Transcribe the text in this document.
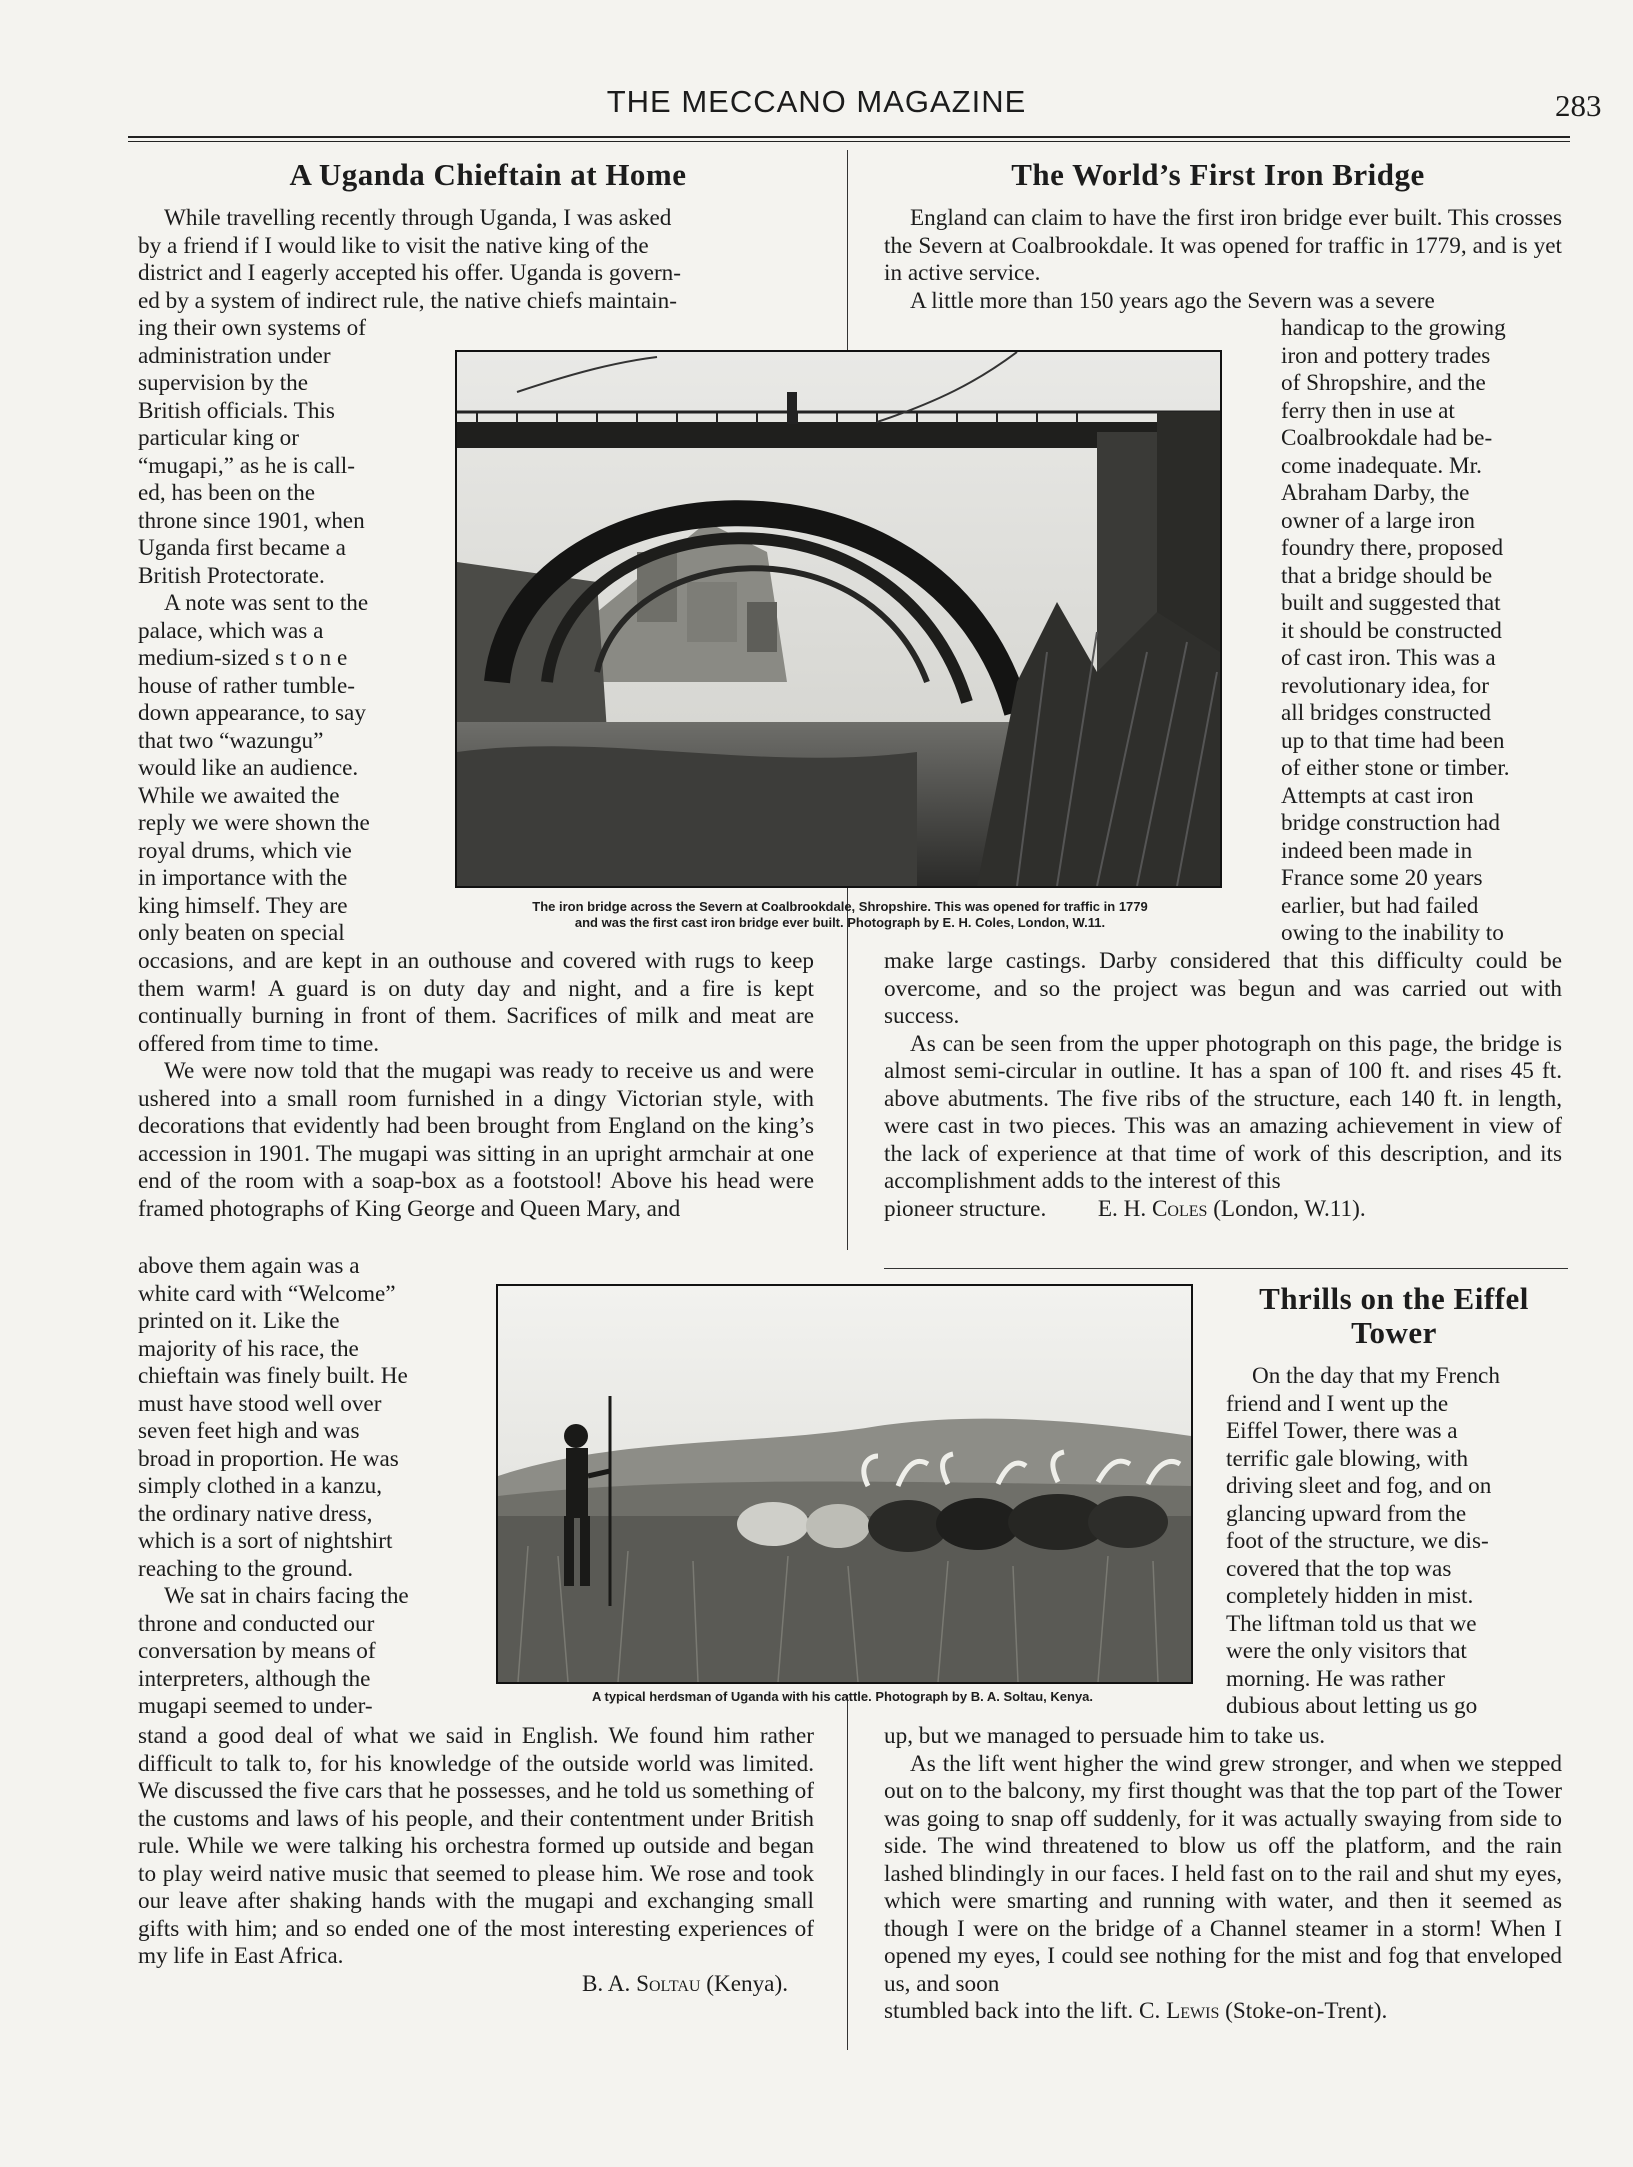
THE MECCANO MAGAZINE	283
A Uganda Chieftain at Home

While travelling recently through Uganda, I was asked

by a friend if I would like to visit the native king of the

district and I eagerly accepted his offer. Uganda is govern-

ed by a system of indirect rule, the native chiefs maintain-

ing their own systems of

administration under

supervision by the

British officials. This

particular king or

“mugapi,” as he is call-

ed, has been on the

throne since 1901, when

Uganda first became a

British Protectorate.

A note was sent to the

palace, which was a

medium-sized s t o n e

house of rather tumble-

down appearance, to say

that two “wazungu”

would like an audience.

While we awaited the

reply we were shown the

royal drums, which vie

in importance with the

king himself. They are

only beaten on special

occasions, and are kept in an outhouse and covered with rugs to keep them warm! A guard is on duty day and night, and a fire is kept continually burning in front of them. Sacrifices of milk and meat are offered from time to time.

We were now told that the mugapi was ready to receive us and were ushered into a small room furnished in a dingy Victorian style, with decorations that evidently had been brought from England on the king’s accession in 1901. The mugapi was sitting in an upright armchair at one end of the room with a soap-box as a footstool! Above his head were framed photographs of King George and Queen Mary, and

above them again was a

white card with “Welcome”

printed on it. Like the

majority of his race, the

chieftain was finely built. He

must have stood well over

seven feet high and was

broad in proportion. He was

simply clothed in a kanzu,

the ordinary native dress,

which is a sort of nightshirt

reaching to the ground.

We sat in chairs facing the

throne and conducted our

conversation by means of

interpreters, although the

mugapi seemed to under-

stand a good deal of what we said in English. We found him rather difficult to talk to, for his knowledge of the outside world was limited. We discussed the five cars that he possesses, and he told us something of the customs and laws of his people, and their contentment under British rule. While we were talking his orchestra formed up outside and began to play weird native music that seemed to please him. We rose and took our leave after shaking hands with the mugapi and exchanging small gifts with him; and so ended one of the most interesting experiences of my life in East Africa.

B. A. Soltau (Kenya).

The World’s First Iron Bridge

England can claim to have the first iron bridge ever built. This crosses the Severn at Coalbrookdale. It was opened for traffic in 1779, and is yet in active service.

A little more than 150 years ago the Severn was a severe

handicap to the growing

iron and pottery trades

of Shropshire, and the

ferry then in use at

Coalbrookdale had be-

come inadequate. Mr.

Abraham Darby, the

owner of a large iron

foundry there, proposed

that a bridge should be

built and suggested that

it should be constructed

of cast iron. This was a

revolutionary idea, for

all bridges constructed

up to that time had been

of either stone or timber.

Attempts at cast iron

bridge construction had

indeed been made in

France some 20 years

earlier, but had failed

owing to the inability to

make large castings. Darby considered that this difficulty could be overcome, and so the project was begun and was carried out with success.

As can be seen from the upper photograph on this page, the bridge is almost semi-circular in outline. It has a span of 100 ft. and rises 45 ft. above abutments. The five ribs of the structure, each 140 ft. in length, were cast in two pieces. This was an amazing achievement in view of the lack of experience at that time of work of this description, and its accomplishment adds to the interest of this

pioneer structure. E. H. Coles (London, W.11).

Thrills on the Eiffel Tower

On the day that my French

friend and I went up the

Eiffel Tower, there was a

terrific gale blowing, with

driving sleet and fog, and on

glancing upward from the

foot of the structure, we dis-

covered that the top was

completely hidden in mist.

The liftman told us that we

were the only visitors that

morning. He was rather

dubious about letting us go

up, but we managed to persuade him to take us.

As the lift went higher the wind grew stronger, and when we stepped out on to the balcony, my first thought was that the top part of the Tower was going to snap off suddenly, for it was actually swaying from side to side. The wind threatened to blow us off the platform, and the rain lashed blindingly in our faces. I held fast on to the rail and shut my eyes, which were smarting and running with water, and then it seemed as though I were on the bridge of a Channel steamer in a storm! When I opened my eyes, I could see nothing for the mist and fog that enveloped us, and soon

stumbled back into the lift. C. Lewis (Stoke-on-Trent).

The iron bridge across the Severn at Coalbrookdale, Shropshire. This was opened for traffic in 1779
and was the first cast iron bridge ever built. Photograph by E. H. Coles, London, W.11.
A typical herdsman of Uganda with his cattle. Photograph by B. A. Soltau, Kenya.
